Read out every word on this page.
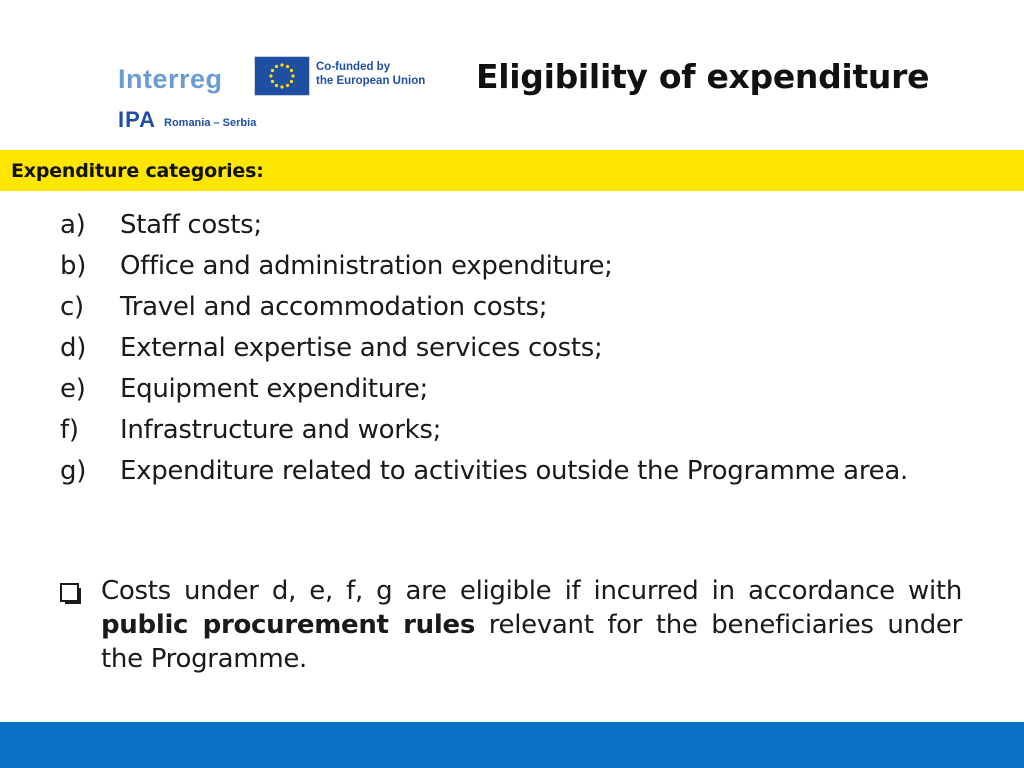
Interreg	Co-funded by
the European Union
IPA Romania – Serbia
Eligibility of expenditure
Expenditure categories:
a)	Staff costs;
b)	Office and administration expenditure;
c)	Travel and accommodation costs;
d)	External expertise and services costs;
e)	Equipment expenditure;
f)	Infrastructure and works;
g)	Expenditure related to activities outside the Programme area.

Costs under d, e, f, g are eligible if incurred in accordance with public procurement rules relevant for the beneficiaries under the Programme.
